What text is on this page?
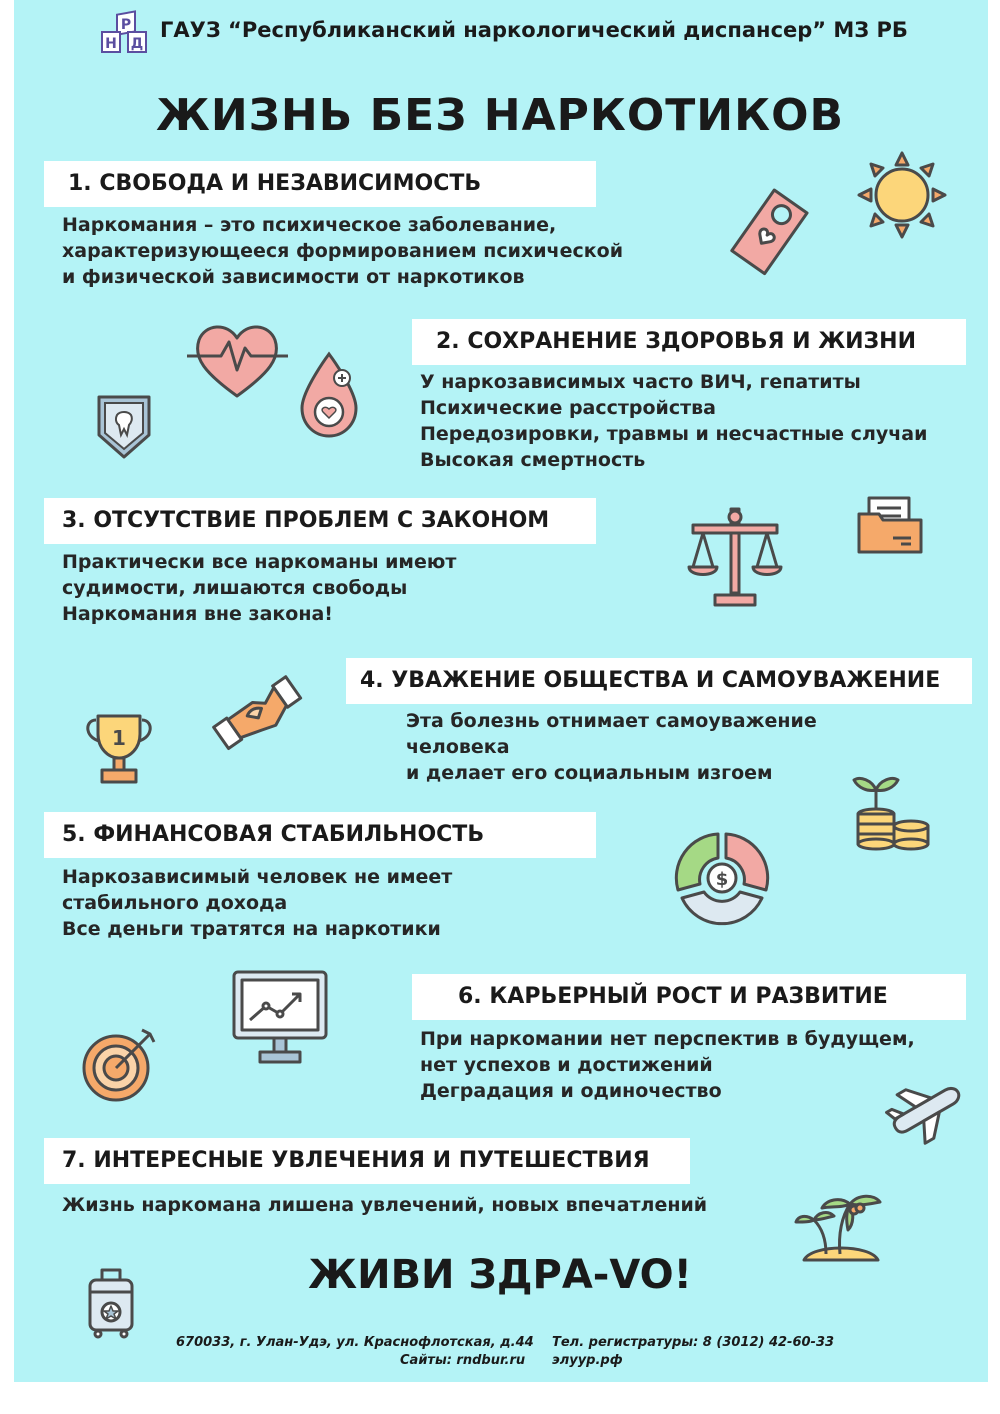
Р
Н Д
ГАУЗ “Республиканский наркологический диспансер” МЗ РБ
ЖИЗНЬ БЕЗ НАРКОТИКОВ
1. СВОБОДА И НЕЗАВИСИМОСТЬ
Наркомания – это психическое заболевание,
характеризующееся формированием психической
и физической зависимости от наркотиков
2. СОХРАНЕНИЕ ЗДОРОВЬЯ И ЖИЗНИ
У наркозависимых часто ВИЧ, гепатиты
Психические расстройства
Передозировки, травмы и несчастные случаи
Высокая смертность
3. ОТСУТСТВИЕ ПРОБЛЕМ С ЗАКОНОМ
Практически все наркоманы имеют
судимости, лишаются свободы
Наркомания вне закона!
4. УВАЖЕНИЕ ОБЩЕСТВА И САМОУВАЖЕНИЕ
Эта болезнь отнимает самоуважение
человека
и делает его социальным изгоем
5. ФИНАНСОВАЯ СТАБИЛЬНОСТЬ
Наркозависимый человек не имеет
стабильного дохода
Все деньги тратятся на наркотики
6. КАРЬЕРНЫЙ РОСТ И РАЗВИТИЕ
При наркомании нет перспектив в будущем,
нет успехов и достижений
Деградация и одиночество
7. ИНТЕРЕСНЫЕ УВЛЕЧЕНИЯ И ПУТЕШЕСТВИЯ
Жизнь наркомана лишена увлечений, новых впечатлений
ЖИВИ ЗДРА-VO!
670033, г. Улан-Удэ, ул. Краснофлотская, д.44
Сайты: rndbur.ru
Тел. регистратуры: 8 (3012) 42-60-33
элуур.рф
1
$
